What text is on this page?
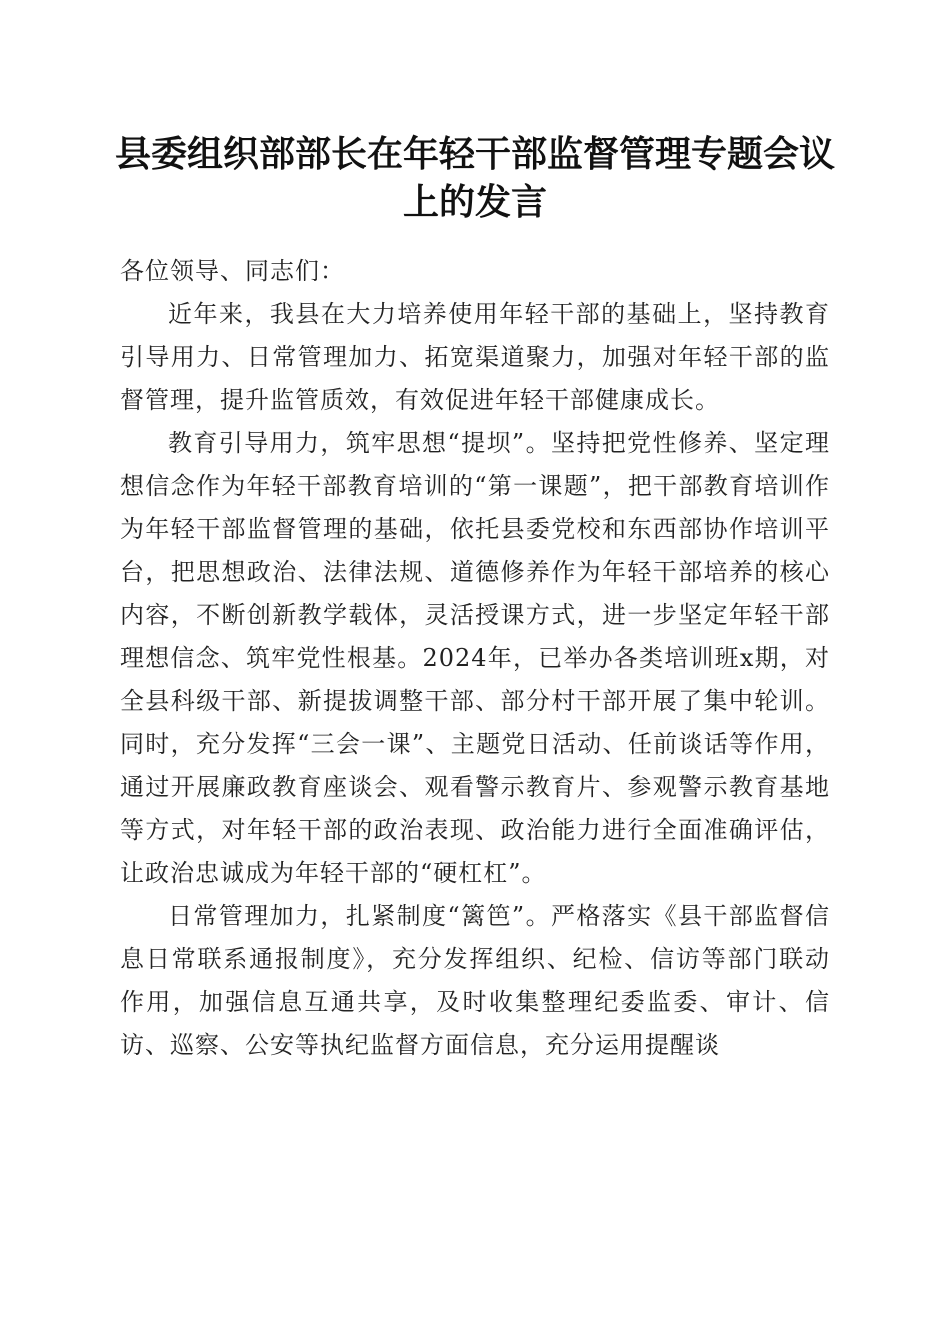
县委组织部部长在年轻干部监督管理专题会议上的发言

各位领导、同志们：

近年来，我县在大力培养使用年轻干部的基础上，坚持教育引导用力、日常管理加力、拓宽渠道聚力，加强对年轻干部的监督管理，提升监管质效，有效促进年轻干部健康成长。

教育引导用力，筑牢思想“提坝”。坚持把党性修养、坚定理想信念作为年轻干部教育培训的“第一课题”，把干部教育培训作为年轻干部监督管理的基础，依托县委党校和东西部协作培训平台，把思想政治、法律法规、道德修养作为年轻干部培养的核心内容，不断创新教学载体，灵活授课方式，进一步坚定年轻干部理想信念、筑牢党性根基。2024年，已举办各类培训班x期，对全县科级干部、新提拔调整干部、部分村干部开展了集中轮训。同时，充分发挥“三会一课”、主题党日活动、任前谈话等作用，通过开展廉政教育座谈会、观看警示教育片、参观警示教育基地等方式，对年轻干部的政治表现、政治能力进行全面准确评估，让政治忠诚成为年轻干部的“硬杠杠”。

日常管理加力，扎紧制度“篱笆”。严格落实《县干部监督信息日常联系通报制度》，充分发挥组织、纪检、信访等部门联动作用，加强信息互通共享，及时收集整理纪委监委、审计、信访、巡察、公安等执纪监督方面信息，充分运用提醒谈
